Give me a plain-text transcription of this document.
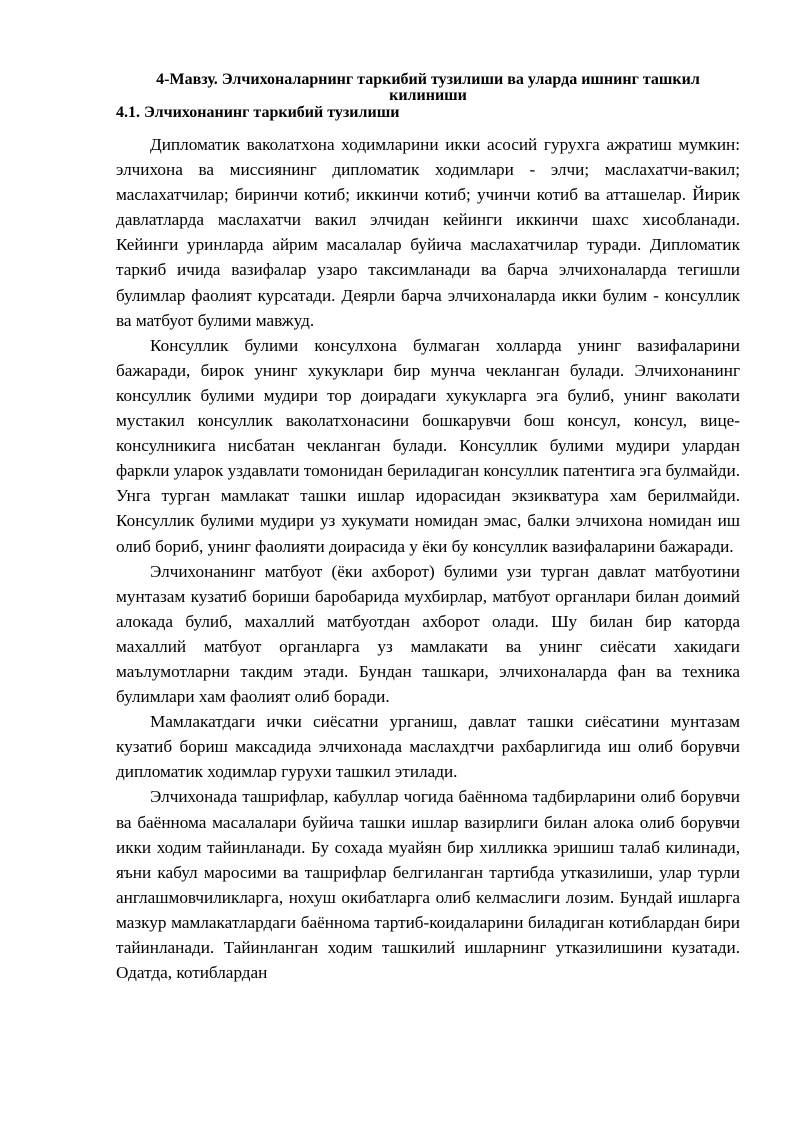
4-Мавзу. Элчихоналарнинг таркибий тузилиши ва уларда ишнинг ташкил килиниши
4.1. Элчихонанинг таркибий тузилиши

Дипломатик ваколатхона ходимларини икки асосий гурухга ажратиш мумкин: элчихона ва миссиянинг дипломатик ходимлари - элчи; маслахатчи-вакил; маслахатчилар; биринчи котиб; иккинчи котиб; учинчи котиб ва атташелар. Йирик давлатларда маслахатчи вакил элчидан кейинги иккинчи шахс хисобланади. Кейинги уринларда айрим масалалар буйича маслахатчилар туради. Дипломатик таркиб ичида вазифалар узаро таксимланади ва барча элчихоналарда тегишли булимлар фаолият курсатади. Деярли барча элчихоналарда икки булим - консуллик ва матбуот булими мавжуд.

Консуллик булими консулхона булмаган холларда унинг вазифаларини бажаради, бирок унинг хукуклари бир мунча чекланган булади. Элчихонанинг консуллик булими мудири тор доирадаги хукукларга эга булиб, унинг ваколати мустакил консуллик ваколатхонасини бошкарувчи бош консул, консул, вице- консулникига нисбатан чекланган булади. Консуллик булими мудири улардан фаркли уларок уздавлати томонидан бериладиган консуллик патентига эга булмайди. Унга турган мамлакат ташки ишлар идорасидан экзикватура хам берилмайди. Консуллик булими мудири уз хукумати номидан эмас, балки элчихона номидан иш олиб бориб, унинг фаолияти доирасида у ёки бу консуллик вазифаларини бажаради.

Элчихонанинг матбуот (ёки ахборот) булими узи турган давлат матбуотини мунтазам кузатиб бориши баробарида мухбирлар, матбуот органлари билан доимий алокада булиб, махаллий матбуотдан ахборот олади. Шу билан бир каторда махаллий матбуот органларга уз мамлакати ва унинг сиёсати хакидаги маълумотларни такдим этади. Бундан ташкари, элчихоналарда фан ва техника булимлари хам фаолият олиб боради.

Мамлакатдаги ички сиёсатни урганиш, давлат ташки сиёсатини мунтазам кузатиб бориш максадида элчихонада маслахдтчи рахбарлигида иш олиб борувчи дипломатик ходимлар гурухи ташкил этилади.

Элчихонада ташрифлар, кабуллар чогида баённома тадбирларини олиб борувчи ва баённома масалалари буйича ташки ишлар вазирлиги билан алока олиб борувчи икки ходим тайинланади. Бу сохада муайян бир хилликка эришиш талаб килинади, яъни кабул маросими ва ташрифлар белгиланган тартибда утказилиши, улар турли англашмовчиликларга, нохуш окибатларга олиб келмаслиги лозим. Бундай ишларга мазкур мамлакатлардаги баённома тартиб-коидаларини биладиган котиблардан бири тайинланади. Тайинланган ходим ташкилий ишларнинг утказилишини кузатади. Одатда, котиблардан
